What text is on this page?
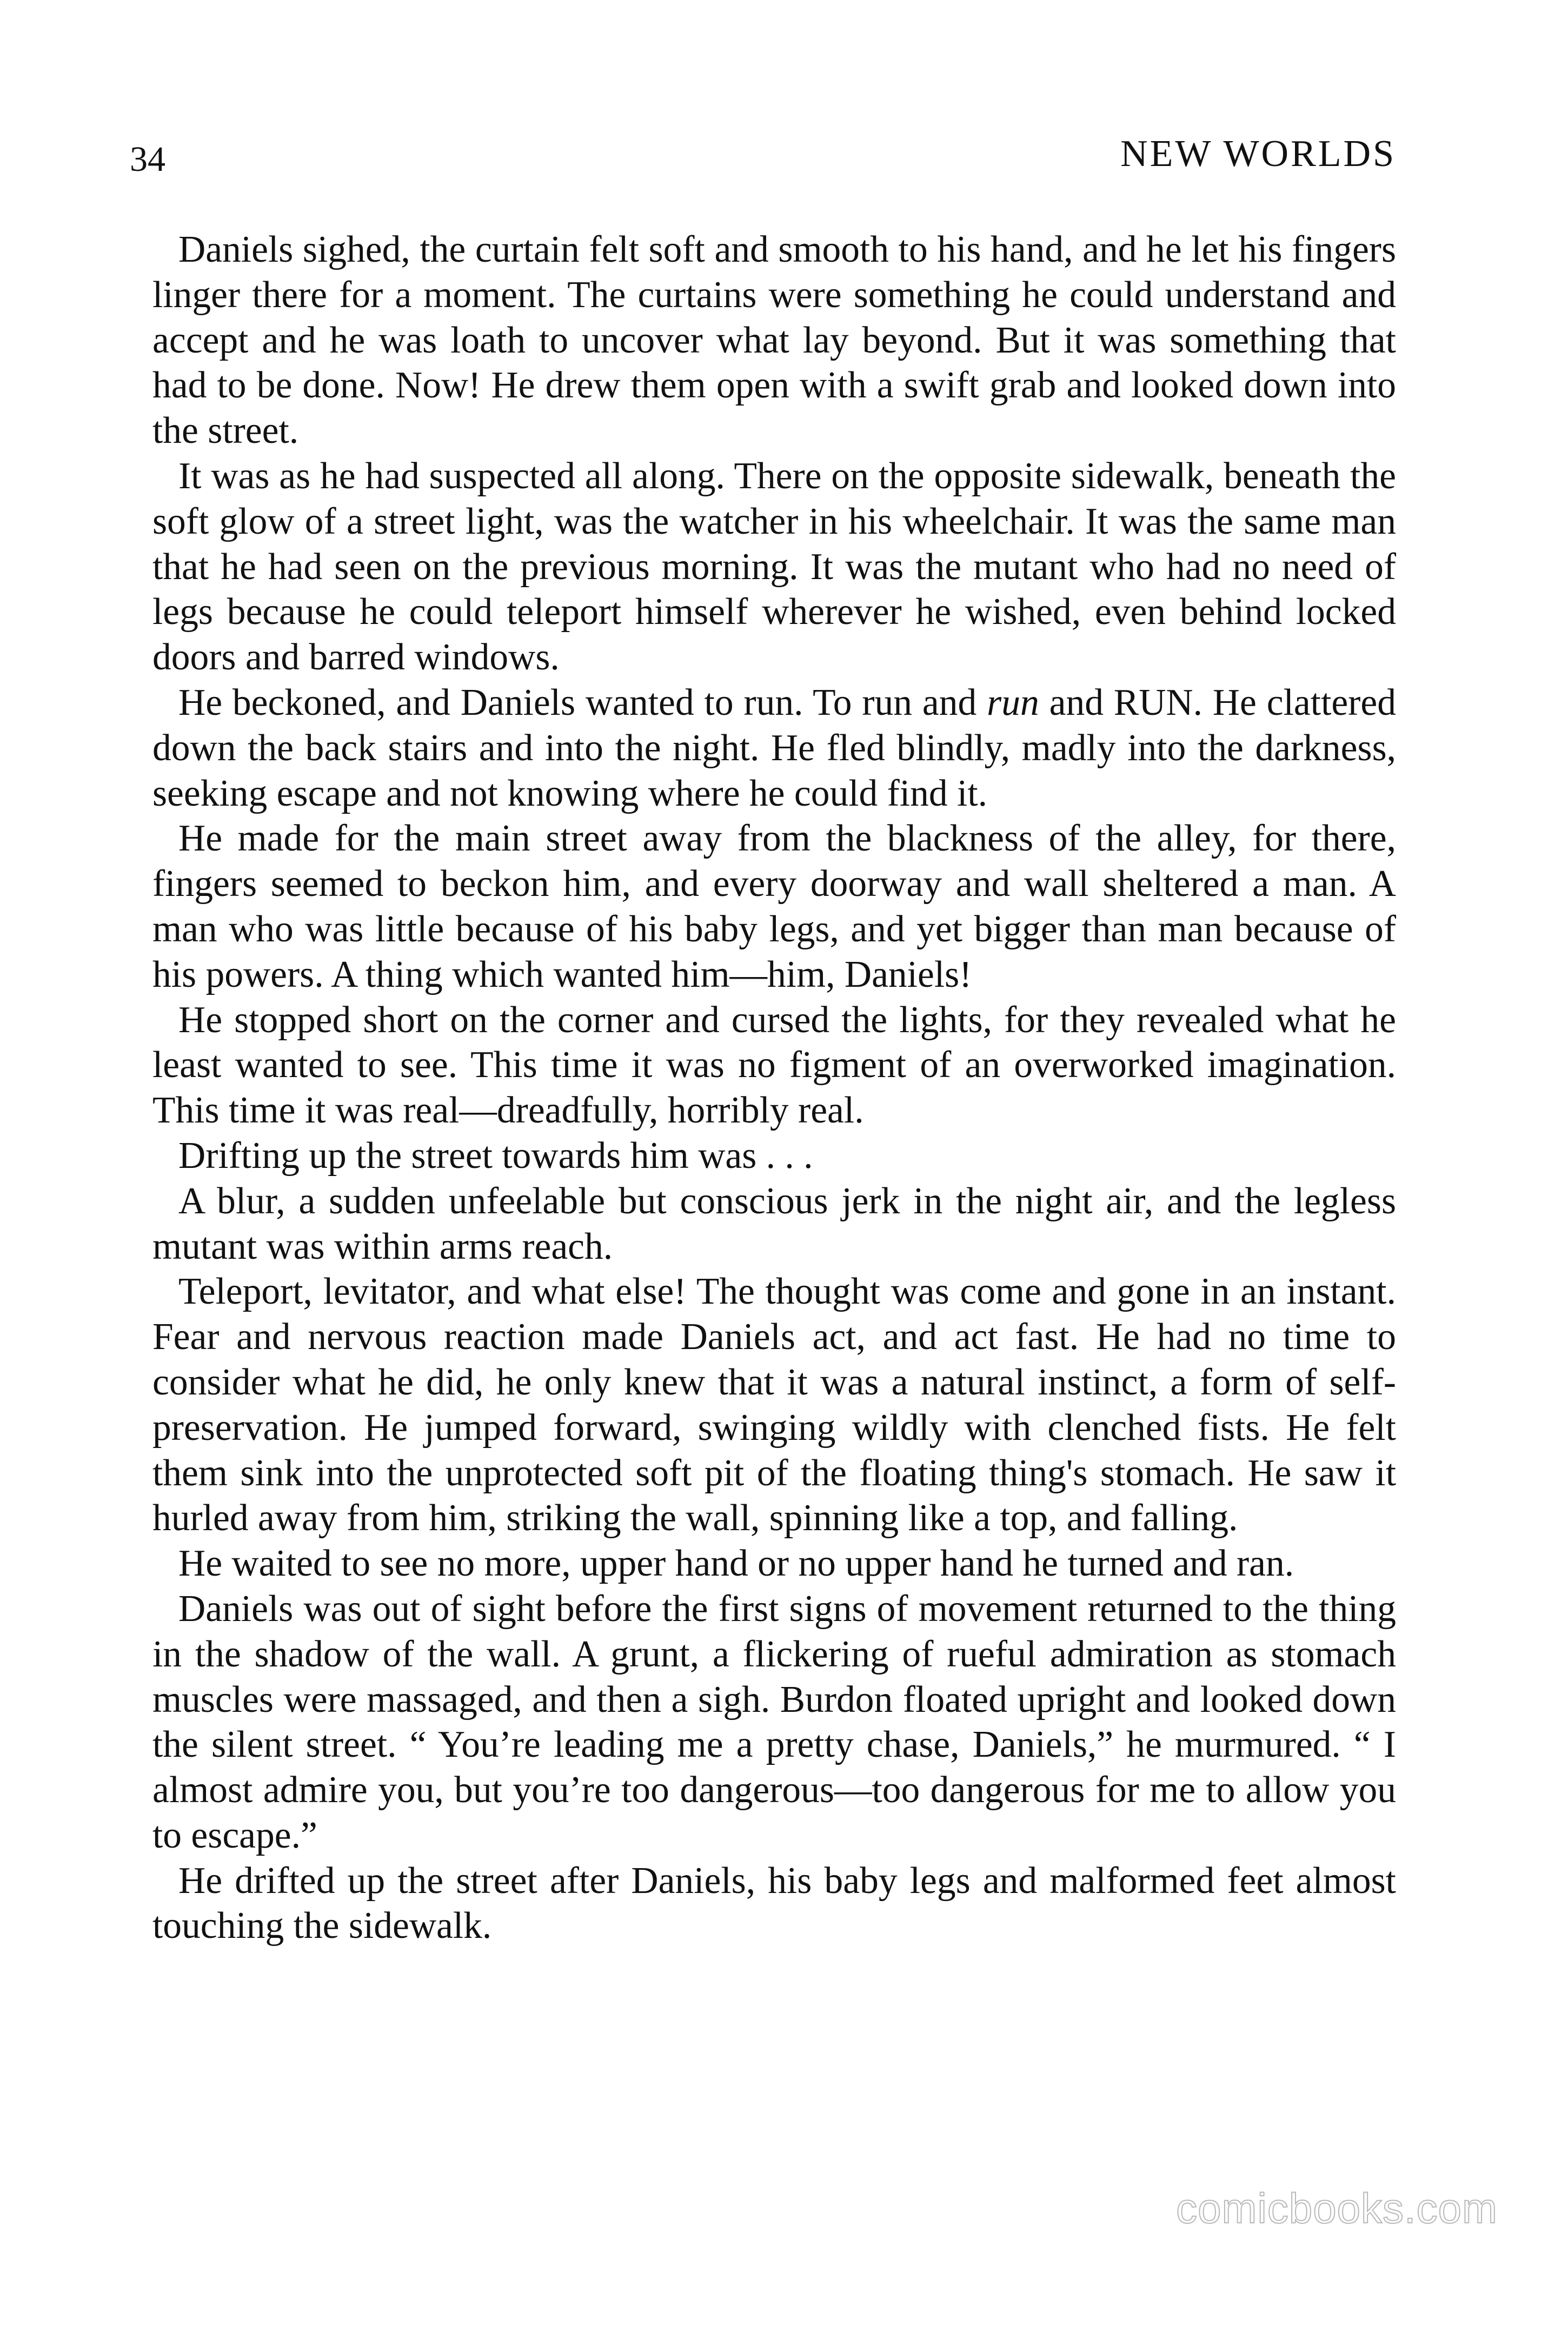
34	NEW WORLDS

Daniels sighed, the curtain felt soft and smooth to his hand, and he let his fingers linger there for a moment. The curtains were something he could understand and accept and he was loath to uncover what lay beyond. But it was something that had to be done. Now! He drew them open with a swift grab and looked down into the street.

It was as he had suspected all along. There on the opposite sidewalk, beneath the soft glow of a street light, was the watcher in his wheelchair. It was the same man that he had seen on the previous morning. It was the mutant who had no need of legs because he could teleport himself wherever he wished, even behind locked doors and barred windows.

He beckoned, and Daniels wanted to run. To run and run and RUN. He clattered down the back stairs and into the night. He fled blindly, madly into the darkness, seeking escape and not knowing where he could find it.

He made for the main street away from the blackness of the alley, for there, fingers seemed to beckon him, and every doorway and wall sheltered a man. A man who was little because of his baby legs, and yet bigger than man because of his powers. A thing which wanted him—him, Daniels!

He stopped short on the corner and cursed the lights, for they revealed what he least wanted to see. This time it was no figment of an overworked imagination. This time it was real—dreadfully, horribly real.

Drifting up the street towards him was . . .

A blur, a sudden unfeelable but conscious jerk in the night air, and the legless mutant was within arms reach.

Teleport, levitator, and what else! The thought was come and gone in an instant. Fear and nervous reaction made Daniels act, and act fast. He had no time to consider what he did, he only knew that it was a natural instinct, a form of self-preservation. He jumped forward, swinging wildly with clenched fists. He felt them sink into the unprotected soft pit of the floating thing's stomach. He saw it hurled away from him, striking the wall, spinning like a top, and falling.

He waited to see no more, upper hand or no upper hand he turned and ran.

Daniels was out of sight before the first signs of movement returned to the thing in the shadow of the wall. A grunt, a flickering of rueful admiration as stomach muscles were massaged, and then a sigh. Burdon floated upright and looked down the silent street. “ You’re leading me a pretty chase, Daniels,” he murmured. “ I almost admire you, but you’re too dangerous—too dangerous for me to allow you to escape.”

He drifted up the street after Daniels, his baby legs and malformed feet almost touching the sidewalk.

comicbooks.com
